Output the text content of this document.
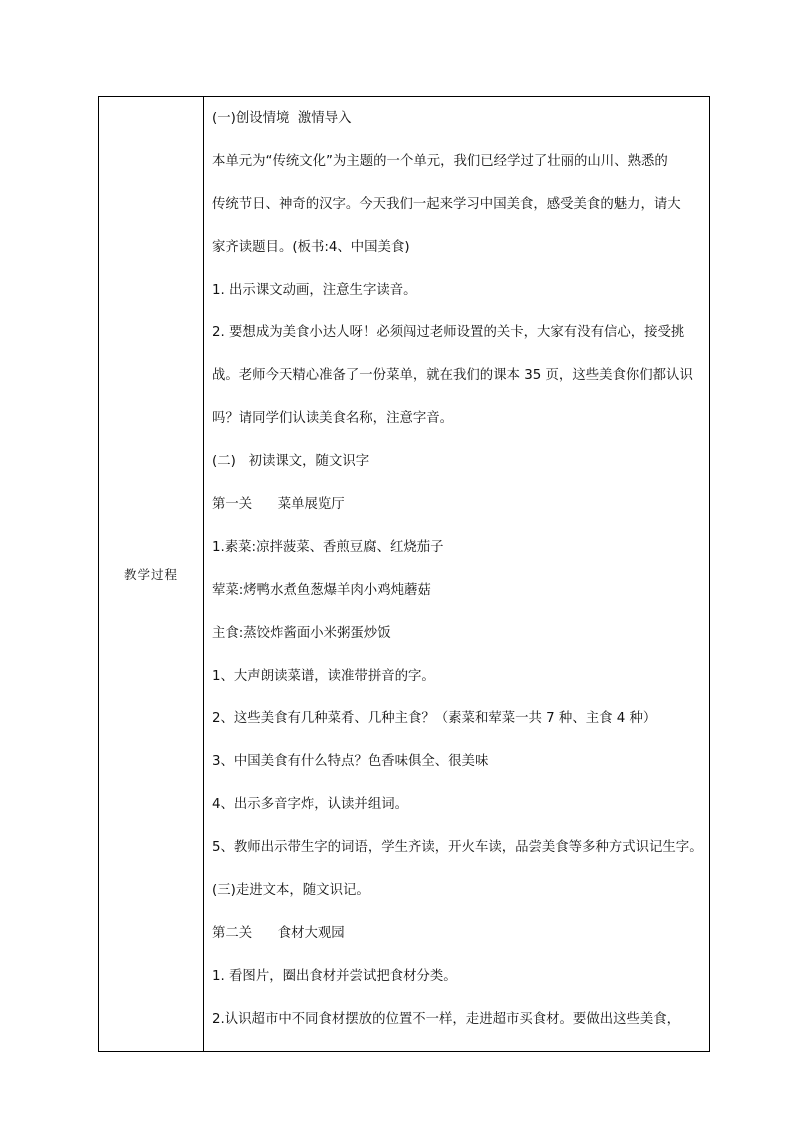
教学过程	
(一)创设情境  激情导入
本单元为“传统文化”为主题的一个单元，我们已经学过了壮丽的山川、熟悉的
传统节日、神奇的汉字。今天我们一起来学习中国美食，感受美食的魅力，请大
家齐读题目。(板书:4、中国美食)
1. 出示课文动画，注意生字读音。
2. 要想成为美食小达人呀！必须闯过老师设置的关卡，大家有没有信心，接受挑
战。老师今天精心准备了一份菜单，就在我们的课本 35 页，这些美食你们都认识
吗？请同学们认读美食名称，注意字音。
(二)   初读课文，随文识字
第一关      菜单展览厅
1.素菜:凉拌菠菜、香煎豆腐、红烧茄子
荤菜:烤鸭水煮鱼葱爆羊肉小鸡炖蘑菇
主食:蒸饺炸酱面小米粥蛋炒饭
1、大声朗读菜谱，读准带拼音的字。
2、这些美食有几种菜肴、几种主食？（素菜和荤菜一共 7 种、主食 4 种）
3、中国美食有什么特点？色香味俱全、很美味
4、出示多音字炸，认读并组词。
5、教师出示带生字的词语，学生齐读，开火车读，品尝美食等多种方式识记生字。
(三)走进文本，随文识记。
第二关      食材大观园
1. 看图片，圈出食材并尝试把食材分类。
2.认识超市中不同食材摆放的位置不一样，走进超市买食材。要做出这些美食，
